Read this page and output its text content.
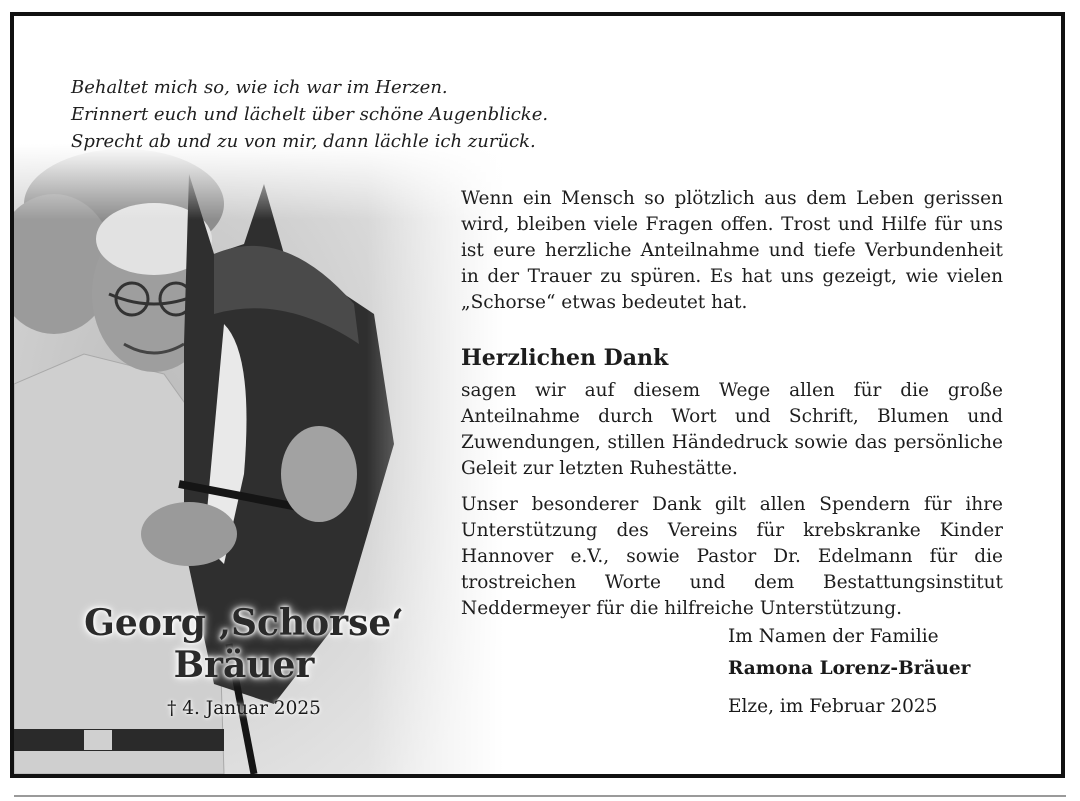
Behaltet mich so, wie ich war im Herzen.
Erinnert euch und lächelt über schöne Augenblicke.
Sprecht ab und zu von mir, dann lächle ich zurück.

Wenn ein Mensch so plötzlich aus dem Leben gerissen wird, bleiben viele Fragen offen. Trost und Hilfe für uns ist eure herzliche Anteilnahme und tiefe Verbundenheit in der Trauer zu spüren. Es hat uns gezeigt, wie vielen „Schorse“ etwas bedeutet hat.

Herzlichen Dank

sagen wir auf diesem Wege allen für die große Anteilnahme durch Wort und Schrift, Blumen und Zuwendungen, stillen Händedruck sowie das persönliche Geleit zur letzten Ruhestätte.

Unser besonderer Dank gilt allen Spendern für ihre Unterstützung des Vereins für krebskranke Kinder Hannover e.V., sowie Pastor Dr. Edelmann für die trostreichen Worte und dem Bestattungsinstitut Neddermeyer für die hilfreiche Unterstützung.

Georg ‚Schorse‘
Bräuer
† 4. Januar 2025
Im Namen der Familie
Ramona Lorenz-Bräuer
Elze, im Februar 2025
